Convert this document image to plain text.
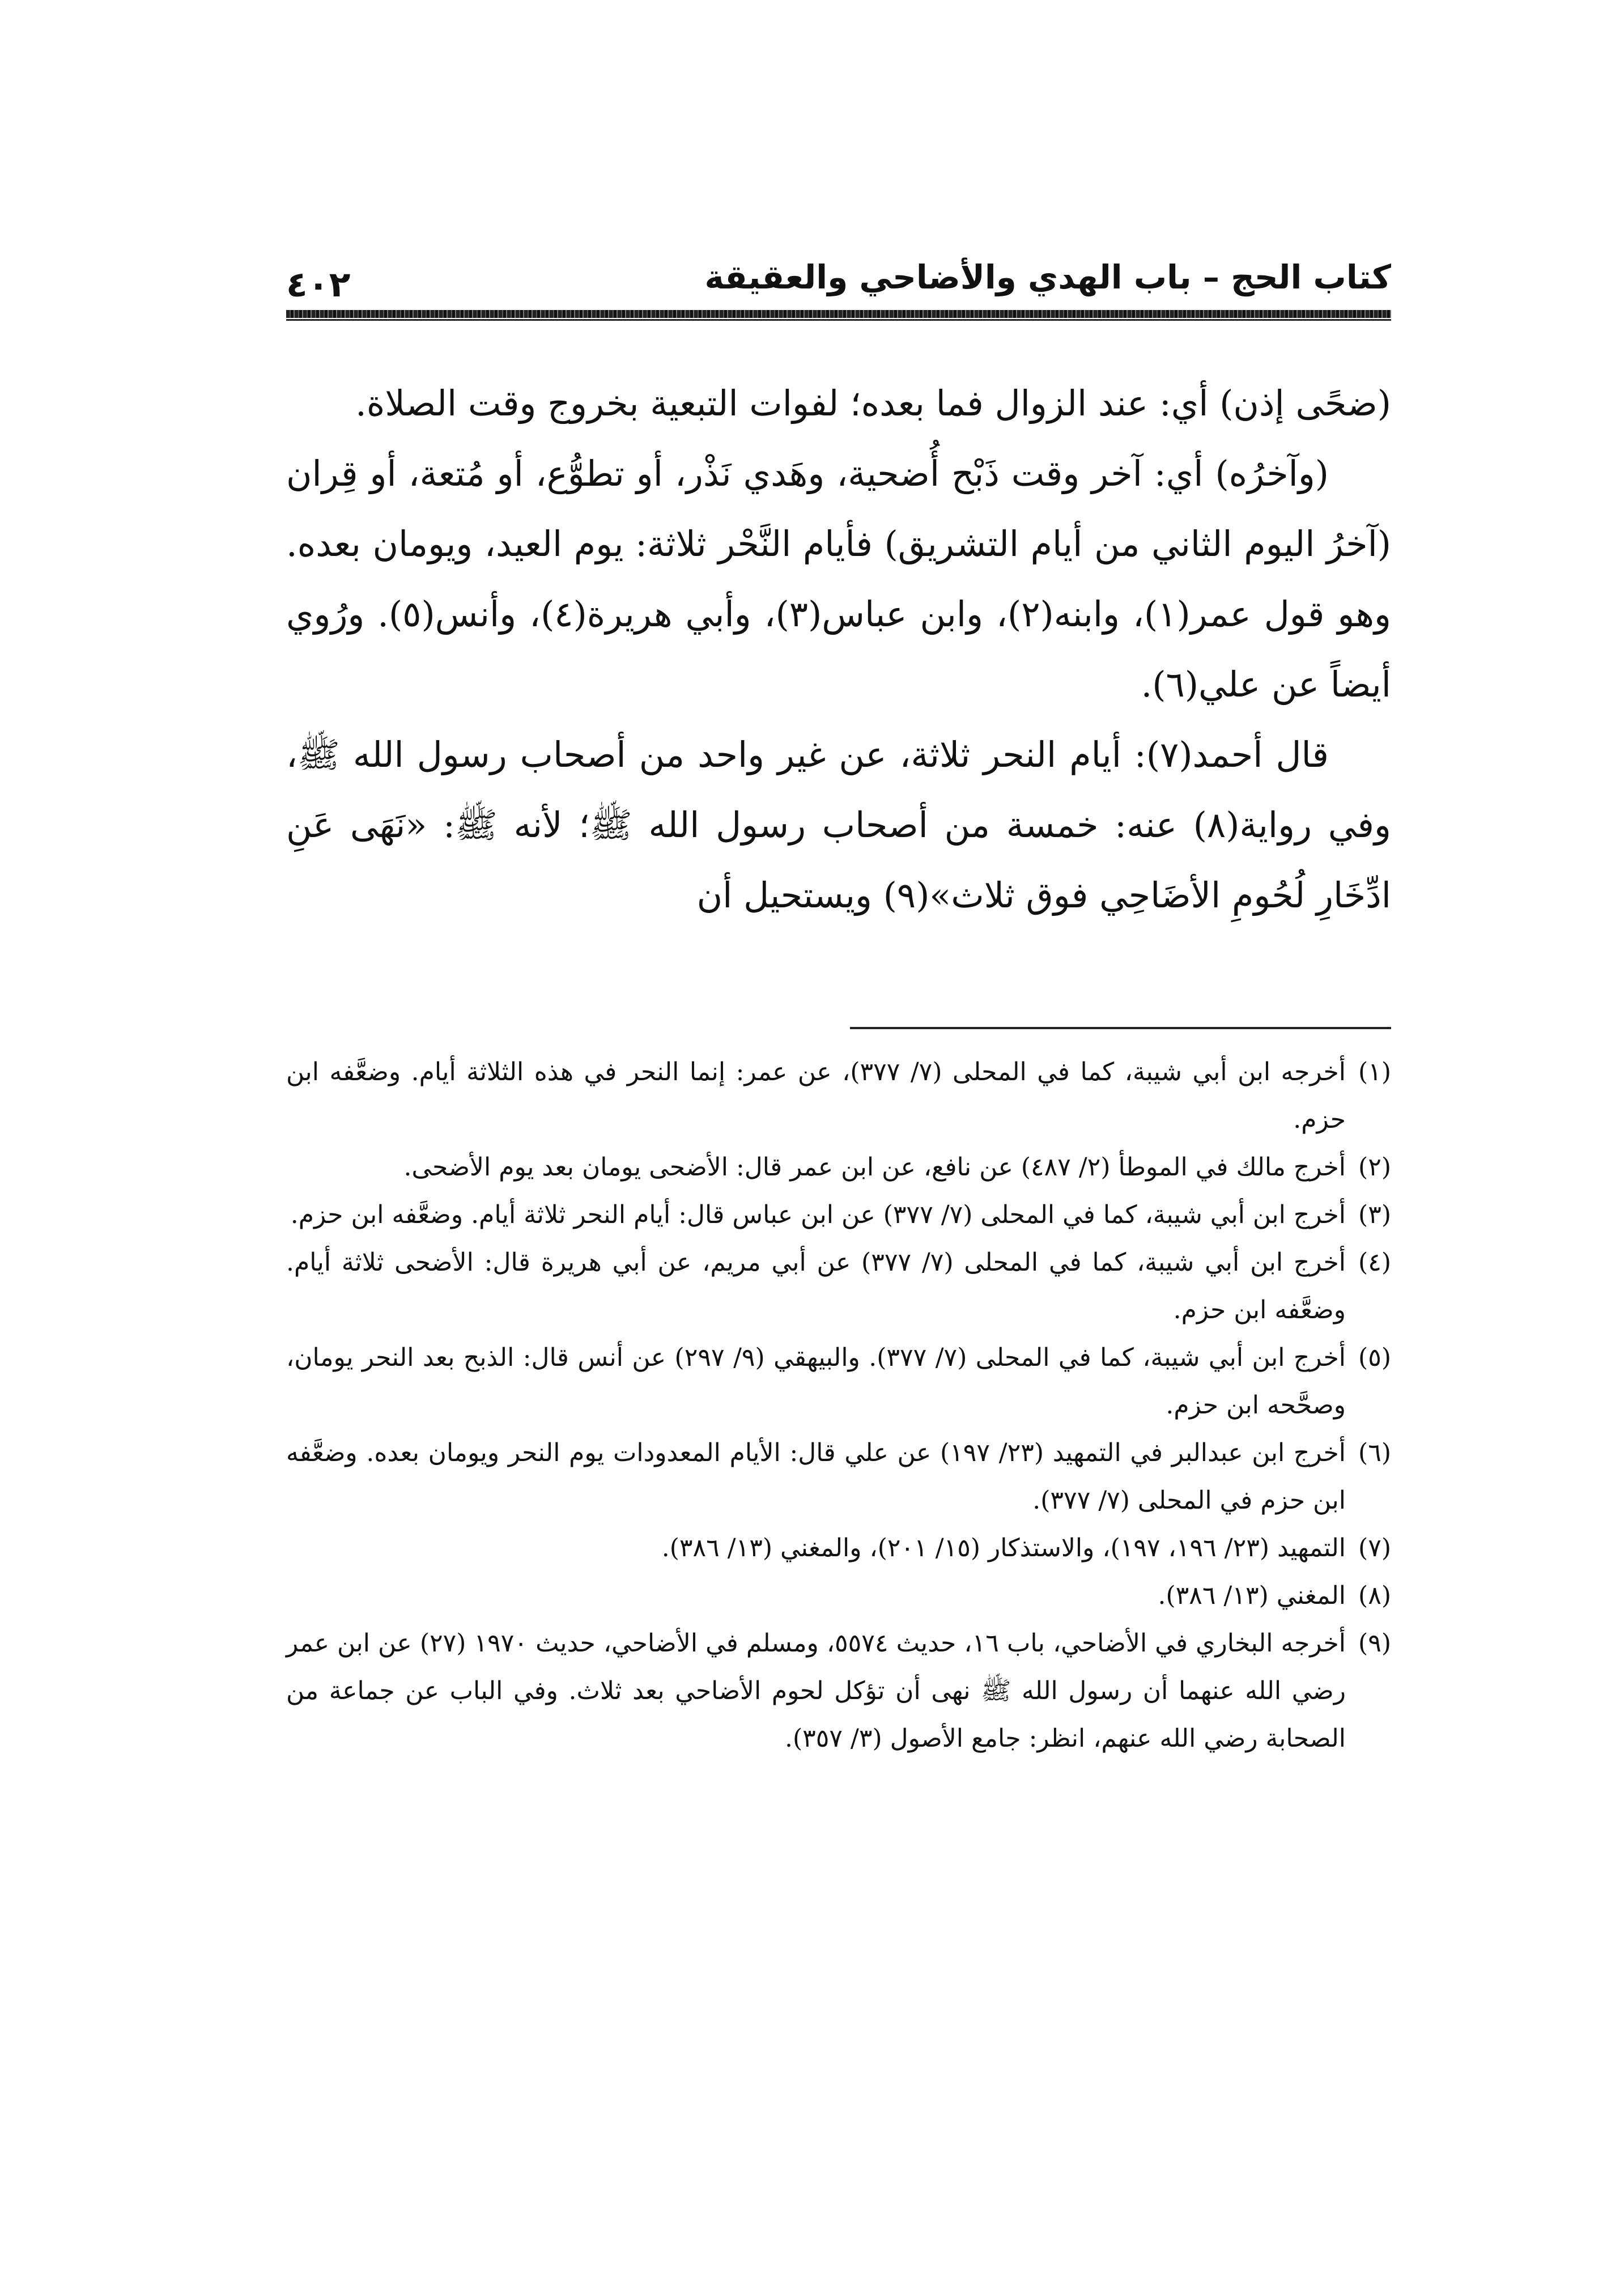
كتاب الحج – باب الهدي والأضاحي والعقيقة
٤٠٢

(ضحًى إذن) أي: عند الزوال فما بعده؛ لفوات التبعية بخروج وقت الصلاة.

(وآخرُه) أي: آخر وقت ذَبْح أُضحية، وهَدي نَذْر، أو تطوُّع، أو مُتعة، أو قِران (آخرُ اليوم الثاني من أيام التشريق) فأيام النَّحْر ثلاثة: يوم العيد، ويومان بعده. وهو قول عمر(١)، وابنه(٢)، وابن عباس(٣)، وأبي هريرة(٤)، وأنس(٥). ورُوي أيضاً عن علي(٦).

قال أحمد(٧): أيام النحر ثلاثة، عن غير واحد من أصحاب رسول الله ﷺ، وفي رواية(٨) عنه: خمسة من أصحاب رسول الله ﷺ؛ لأنه ﷺ: «نَهَى عَنِ ادِّخَارِ لُحُومِ الأضَاحِي فوق ثلاث»(٩) ويستحيل أن

(١)
أخرجه ابن أبي شيبة، كما في المحلى (٧/ ٣٧٧)، عن عمر: إنما النحر في هذه الثلاثة أيام. وضعَّفه ابن حزم.
(٢)
أخرج مالك في الموطأ (٢/ ٤٨٧) عن نافع، عن ابن عمر قال: الأضحى يومان بعد يوم الأضحى.
(٣)
أخرج ابن أبي شيبة، كما في المحلى (٧/ ٣٧٧) عن ابن عباس قال: أيام النحر ثلاثة أيام. وضعَّفه ابن حزم.
(٤)
أخرج ابن أبي شيبة، كما في المحلى (٧/ ٣٧٧) عن أبي مريم، عن أبي هريرة قال: الأضحى ثلاثة أيام. وضعَّفه ابن حزم.
(٥)
أخرج ابن أبي شيبة، كما في المحلى (٧/ ٣٧٧). والبيهقي (٩/ ٢٩٧) عن أنس قال: الذبح بعد النحر يومان، وصحَّحه ابن حزم.
(٦)
أخرج ابن عبدالبر في التمهيد (٢٣/ ١٩٧) عن علي قال: الأيام المعدودات يوم النحر ويومان بعده. وضعَّفه ابن حزم في المحلى (٧/ ٣٧٧).
(٧)
التمهيد (٢٣/ ١٩٦، ١٩٧)، والاستذكار (١٥/ ٢٠١)، والمغني (١٣/ ٣٨٦).
(٨)
المغني (١٣/ ٣٨٦).
(٩)
أخرجه البخاري في الأضاحي، باب ١٦، حديث ٥٥٧٤، ومسلم في الأضاحي، حديث ١٩٧٠ (٢٧) عن ابن عمر رضي الله عنهما أن رسول الله ﷺ نهى أن تؤكل لحوم الأضاحي بعد ثلاث. وفي الباب عن جماعة من الصحابة رضي الله عنهم، انظر: جامع الأصول (٣/ ٣٥٧).
